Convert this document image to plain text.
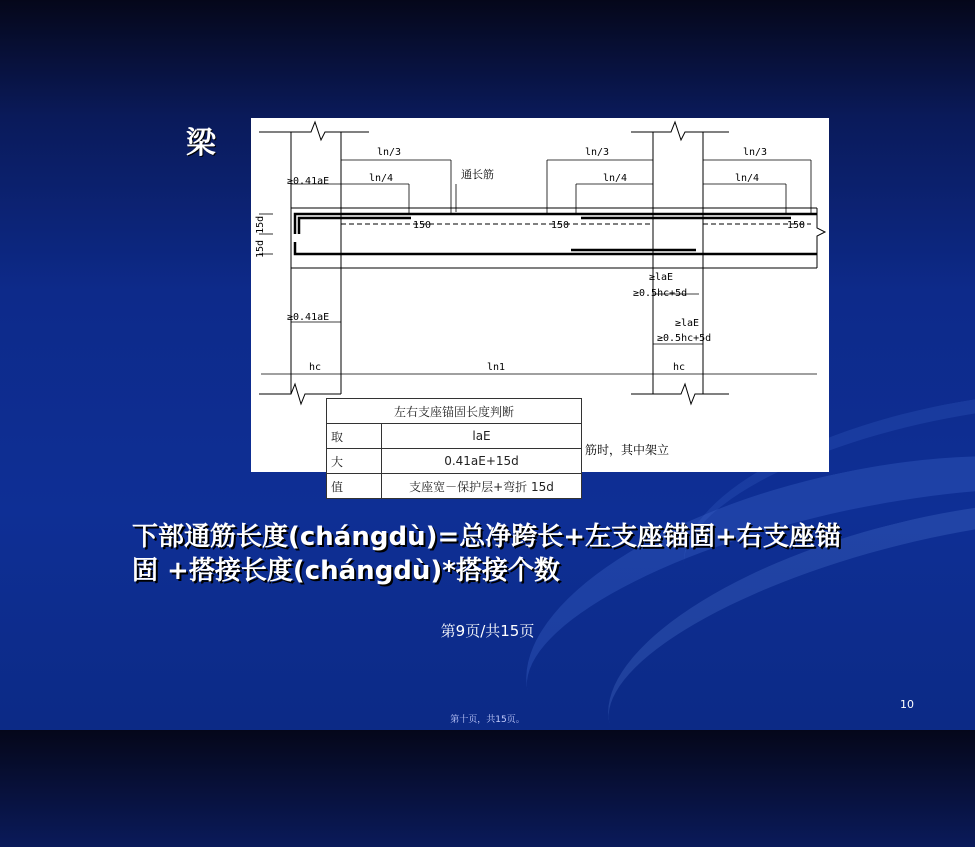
梁	ln/3	ln/3	ln/3
ln/4	ln/4	ln/4
通长筋
≥0.41aE
≥0.41aE
150	150	150
15d 15d
≥laE
≥0.5hc+5d
≥laE
≥0.5hc+5d
hc	ln1	hc
筋时，其中架立
左右支座锚固长度判断	
取	laE
大	0.41aE+15d
值	支座宽－保护层+弯折 15d
下部通筋长度(chángdù)=总净跨长+左支座锚固+右支座锚固 +搭接长度(chángdù)*搭接个数
第9页/共15页
10
第十页，共15页。
